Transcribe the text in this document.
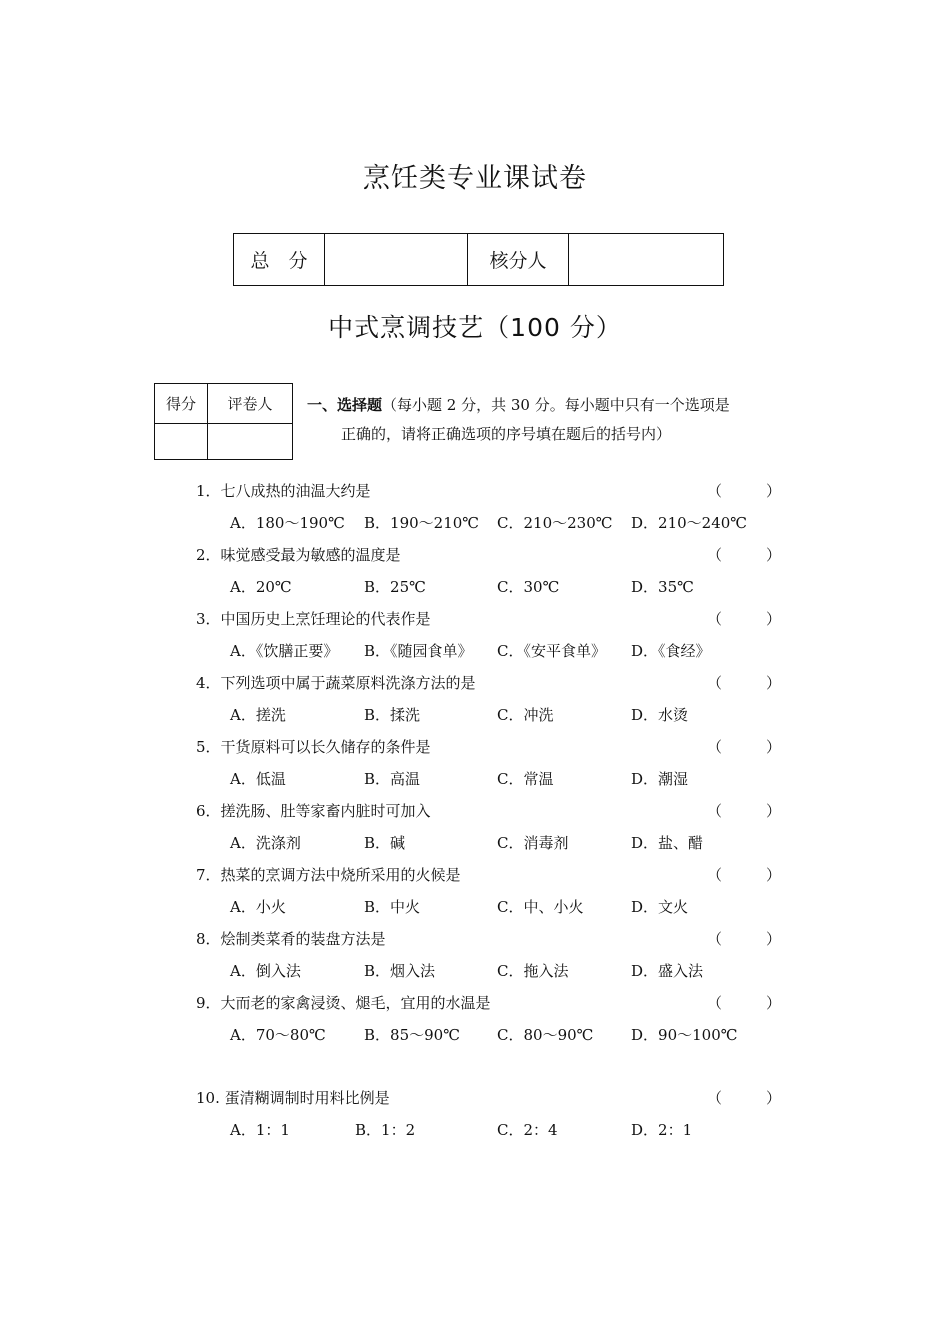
烹饪类专业课试卷
总　分		核分人	
中式烹调技艺（100 分）
得分	评卷人
	一、选择题（每小题 2 分，共 30 分。每小题中只有一个选项是
正确的，请将正确选项的序号填在题后的括号内）
1．七八成热的油温大约是	（	）
A．180～190℃ B．190～210℃ C．210～230℃ D．210～240℃
2．味觉感受最为敏感的温度是	（	）
A．20℃	B．25℃	C．30℃	D．35℃
3．中国历史上烹饪理论的代表作是	（	）
A．《饮膳正要》 B．《随园食单》 C．《安平食单》 D．《食经》
4．下列选项中属于蔬菜原料洗涤方法的是	（	）
A．搓洗	B．揉洗	C．冲洗	D．水烫
5．干货原料可以长久储存的条件是	（	）
A．低温	B．高温	C．常温	D．潮湿
6．搓洗肠、肚等家畜内脏时可加入	（	）
A．洗涤剂	B．碱	C．消毒剂	D．盐、醋
7．热菜的烹调方法中烧所采用的火候是	（	）
A．小火	B．中火	C．中、小火	D．文火
8．烩制类菜肴的装盘方法是	（	）
A．倒入法	B．烟入法	C．拖入法	D．盛入法
9．大而老的家禽浸烫、煺毛，宜用的水温是	（	）
A．70～80℃	B．85～90℃ C．80～90℃	D．90～100℃
10. 蛋清糊调制时用料比例是	（	）
A．1：1	B．1：2	C．2：4	D．2：1
